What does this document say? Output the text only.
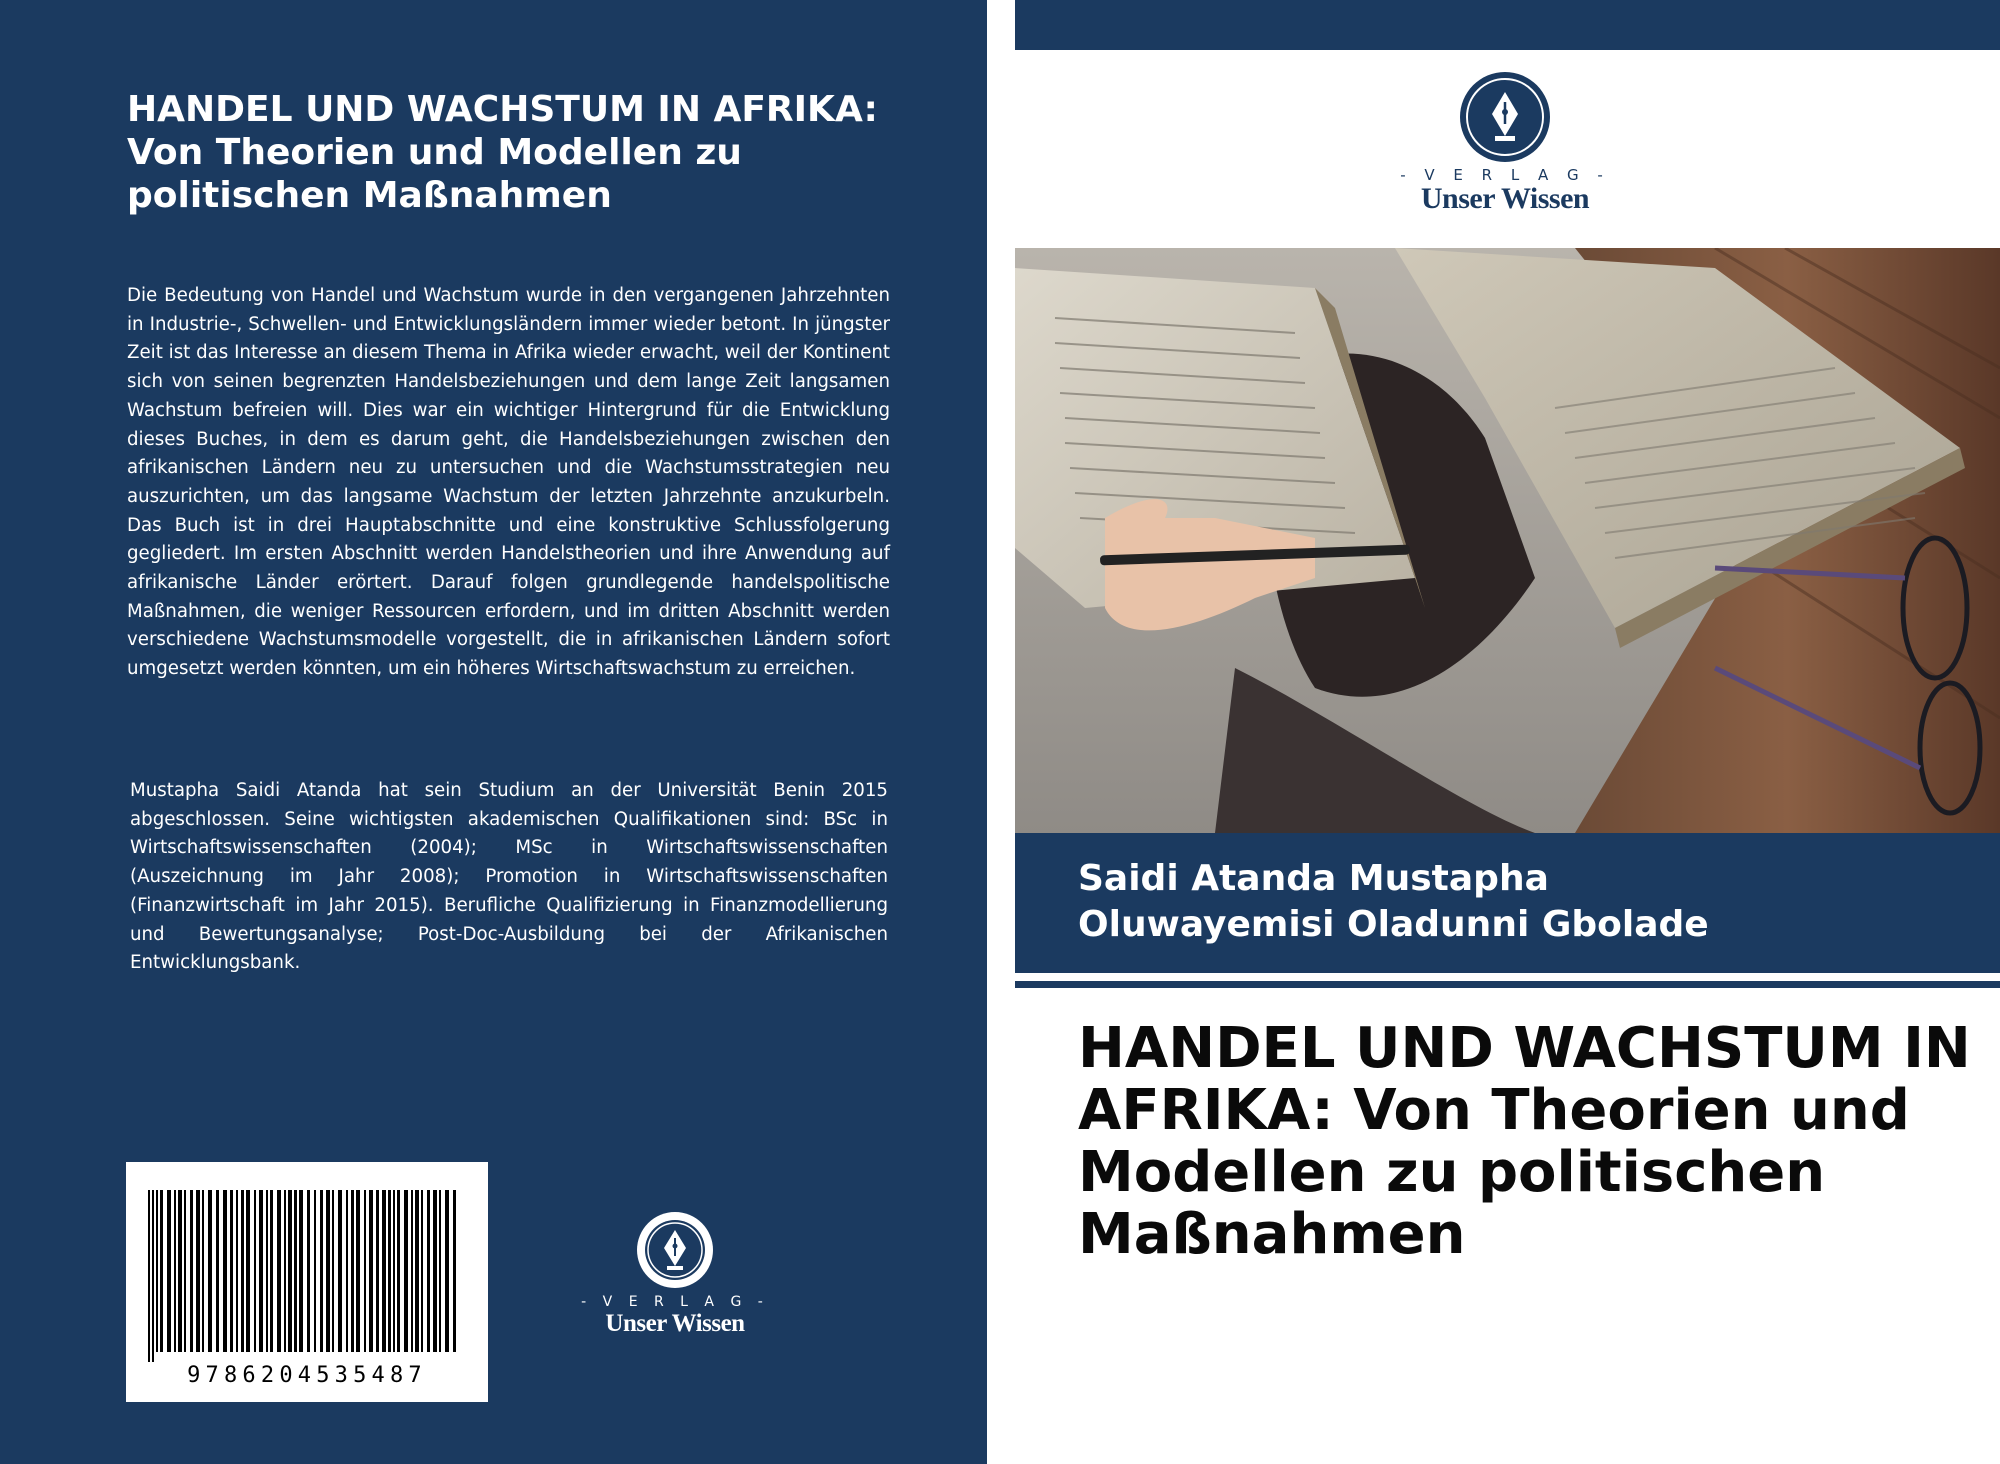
HANDEL UND WACHSTUM IN AFRIKA: Von Theorien und Modellen zu politischen Maßnahmen

Die Bedeutung von Handel und Wachstum wurde in den vergangenen Jahrzehnten in Industrie-, Schwellen- und Entwicklungsländern immer wieder betont. In jüngster Zeit ist das Interesse an diesem Thema in Afrika wieder erwacht, weil der Kontinent sich von seinen begrenzten Handelsbeziehungen und dem lange Zeit langsamen Wachstum befreien will. Dies war ein wichtiger Hintergrund für die Entwicklung dieses Buches, in dem es darum geht, die Handelsbeziehungen zwischen den afrikanischen Ländern neu zu untersuchen und die Wachstumsstrategien neu auszurichten, um das langsame Wachstum der letzten Jahrzehnte anzukurbeln. Das Buch ist in drei Hauptabschnitte und eine konstruktive Schlussfolgerung gegliedert. Im ersten Abschnitt werden Handelstheorien und ihre Anwendung auf afrikanische Länder erörtert. Darauf folgen grundlegende handelspolitische Maßnahmen, die weniger Ressourcen erfordern, und im dritten Abschnitt werden verschiedene Wachstumsmodelle vorgestellt, die in afrikanischen Ländern sofort umgesetzt werden könnten, um ein höheres Wirtschaftswachstum zu erreichen.

Mustapha Saidi Atanda hat sein Studium an der Universität Benin 2015 abgeschlossen. Seine wichtigsten akademischen Qualifikationen sind: BSc in Wirtschaftswissenschaften (2004); MSc in Wirtschaftswissenschaften (Auszeichnung im Jahr 2008); Promotion in Wirtschaftswissenschaften (Finanzwirtschaft im Jahr 2015). Berufliche Qualifizierung in Finanzmodellierung und Bewertungsanalyse; Post-Doc-Ausbildung bei der Afrikanischen Entwicklungsbank.

9786204535487
- V E R L A G -
Unser Wissen
- V E R L A G -
Unser Wissen
Saidi Atanda Mustapha
Oluwayemisi Oladunni Gbolade
HANDEL UND WACHSTUM IN AFRIKA: Von Theorien und Modellen zu politischen Maßnahmen
